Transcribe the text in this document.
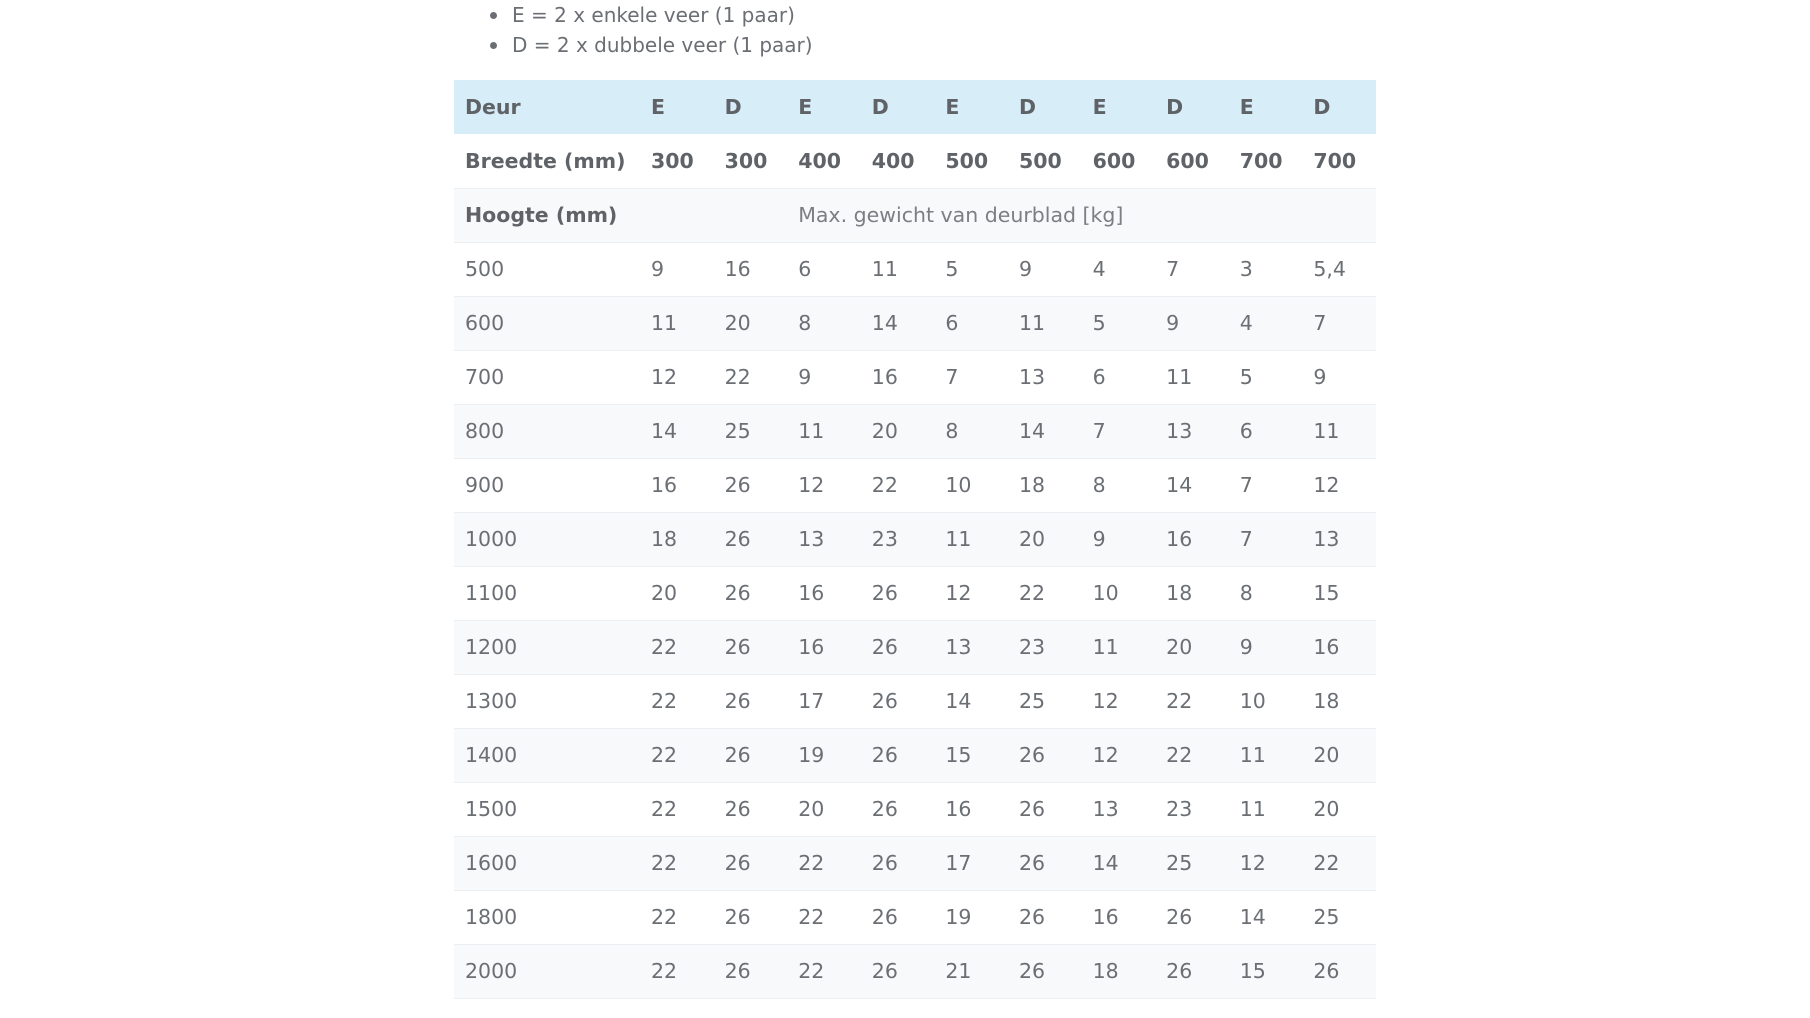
E = 2 x enkele veer (1 paar)
D = 2 x dubbele veer (1 paar)
Deur	E	D	E	D	E	D	E	D	E	D
Breedte (mm)	300	300	400	400	500	500	600	600	700	700
Hoogte (mm)			Max. gewicht van deurblad [kg]							
500	9	16	6	11	5	9	4	7	3	5,4
600	11	20	8	14	6	11	5	9	4	7
700	12	22	9	16	7	13	6	11	5	9
800	14	25	11	20	8	14	7	13	6	11
900	16	26	12	22	10	18	8	14	7	12
1000	18	26	13	23	11	20	9	16	7	13
1100	20	26	16	26	12	22	10	18	8	15
1200	22	26	16	26	13	23	11	20	9	16
1300	22	26	17	26	14	25	12	22	10	18
1400	22	26	19	26	15	26	12	22	11	20
1500	22	26	20	26	16	26	13	23	11	20
1600	22	26	22	26	17	26	14	25	12	22
1800	22	26	22	26	19	26	16	26	14	25
2000	22	26	22	26	21	26	18	26	15	26
